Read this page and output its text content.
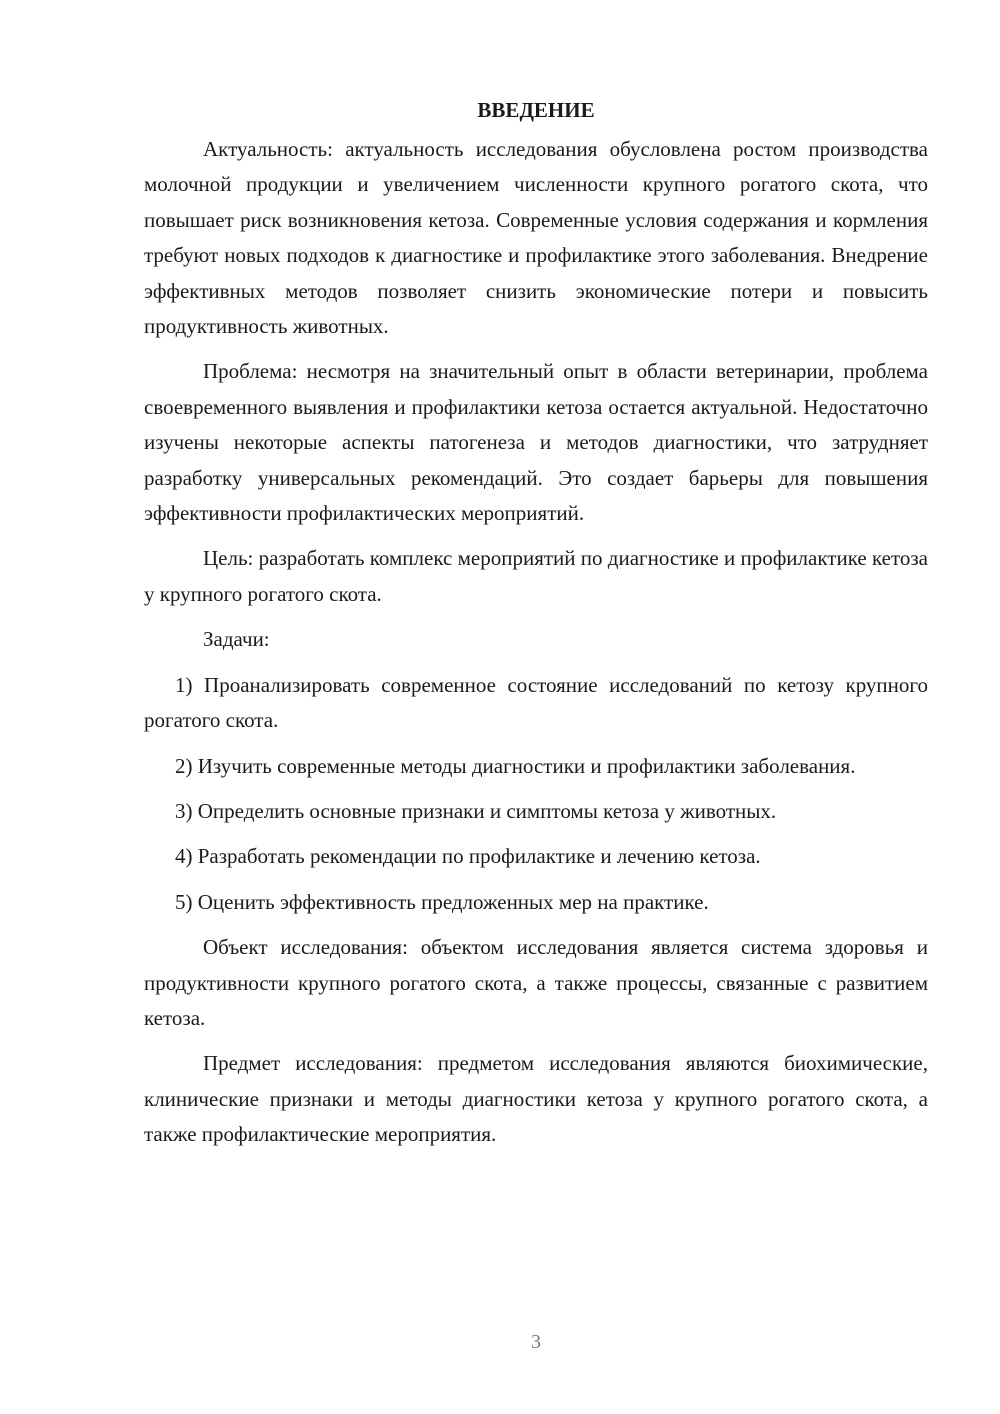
ВВЕДЕНИЕ

Актуальность: актуальность исследования обусловлена ростом производства молочной продукции и увеличением численности крупного рогатого скота, что повышает риск возникновения кетоза. Современные условия содержания и кормления требуют новых подходов к диагностике и профилактике этого заболевания. Внедрение эффективных методов позволяет снизить экономические потери и повысить продуктивность животных.

Проблема: несмотря на значительный опыт в области ветеринарии, проблема своевременного выявления и профилактики кетоза остается актуальной. Недостаточно изучены некоторые аспекты патогенеза и методов диагностики, что затрудняет разработку универсальных рекомендаций. Это создает барьеры для повышения эффективности профилактических мероприятий.

Цель: разработать комплекс мероприятий по диагностике и профилактике кетоза у крупного рогатого скота.

Задачи:

1) Проанализировать современное состояние исследований по кетозу крупного рогатого скота.

2) Изучить современные методы диагностики и профилактики заболевания.

3) Определить основные признаки и симптомы кетоза у животных.

4) Разработать рекомендации по профилактике и лечению кетоза.

5) Оценить эффективность предложенных мер на практике.

Объект исследования: объектом исследования является система здоровья и продуктивности крупного рогатого скота, а также процессы, связанные с развитием кетоза.

Предмет исследования: предметом исследования являются биохимические, клинические признаки и методы диагностики кетоза у крупного рогатого скота, а также профилактические мероприятия.

3
